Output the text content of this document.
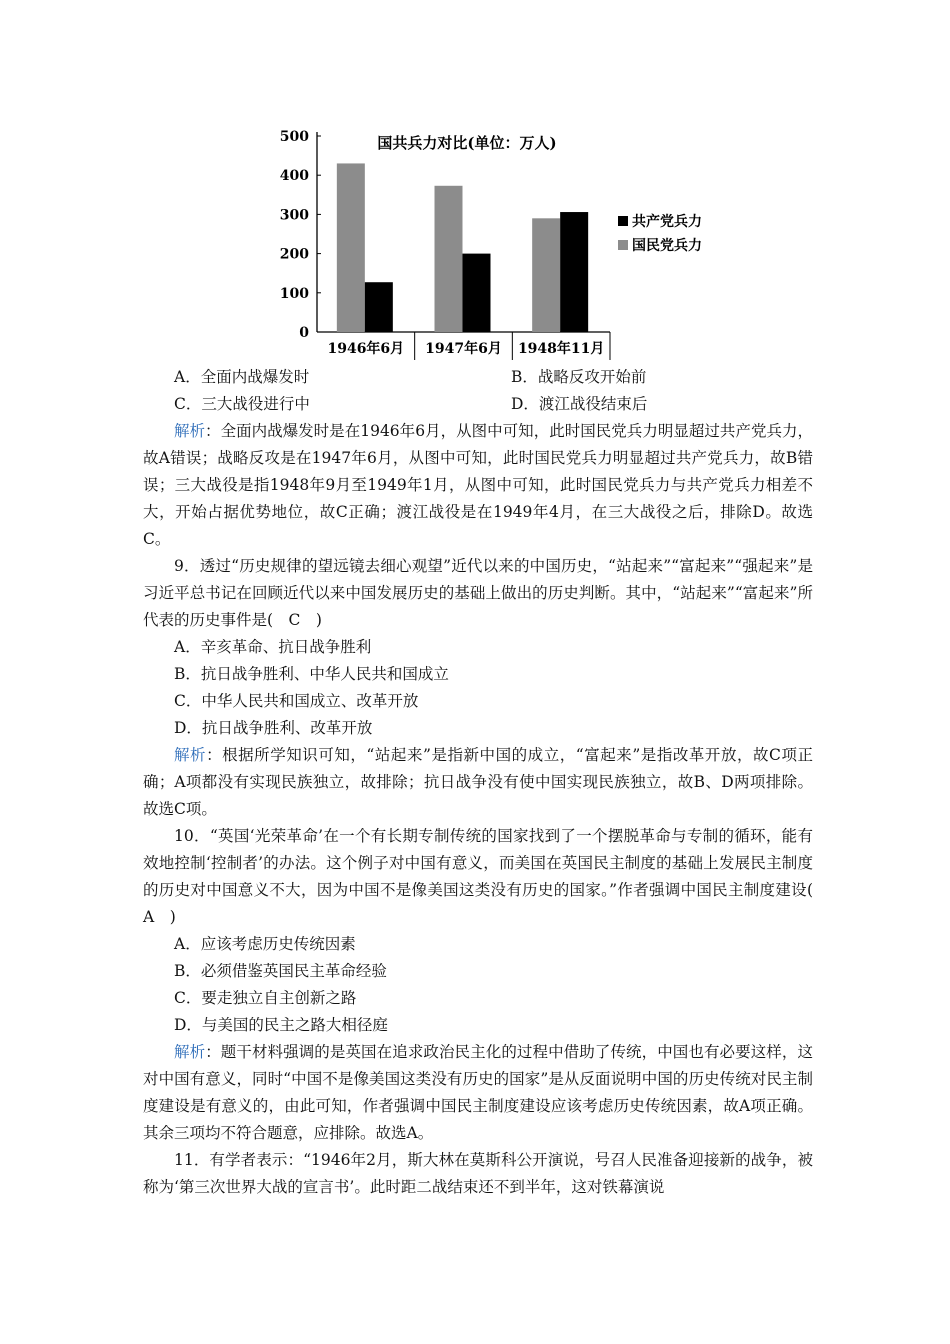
0
100
200
300
400
500
1946年6月 1947年6月 1948年11月
国共兵力对比(单位：万人)
共产党兵力
国民党兵力
A．全面内战爆发时	B．战略反攻开始前
C．三大战役进行中	D．渡江战役结束后

解析：全面内战爆发时是在1946年6月，从图中可知，此时国民党兵力明显超过共产党兵力，故A错误；战略反攻是在1947年6月，从图中可知，此时国民党兵力明显超过共产党兵力，故B错误；三大战役是指1948年9月至1949年1月，从图中可知，此时国民党兵力与共产党兵力相差不大，开始占据优势地位，故C正确；渡江战役是在1949年4月，在三大战役之后，排除D。故选C。

9．透过“历史规律的望远镜去细心观望”近代以来的中国历史，“站起来”“富起来”“强起来”是习近平总书记在回顾近代以来中国发展历史的基础上做出的历史判断。其中，“站起来”“富起来”所代表的历史事件是(　C　)

A．辛亥革命、抗日战争胜利

B．抗日战争胜利、中华人民共和国成立

C．中华人民共和国成立、改革开放

D．抗日战争胜利、改革开放

解析：根据所学知识可知，“站起来”是指新中国的成立，“富起来”是指改革开放，故C项正确；A项都没有实现民族独立，故排除；抗日战争没有使中国实现民族独立，故B、D两项排除。故选C项。

10．“英国‘光荣革命’在一个有长期专制传统的国家找到了一个摆脱革命与专制的循环，能有效地控制‘控制者’的办法。这个例子对中国有意义，而美国在英国民主制度的基础上发展民主制度的历史对中国意义不大，因为中国不是像美国这类没有历史的国家。”作者强调中国民主制度建设(　A　)

A．应该考虑历史传统因素

B．必须借鉴英国民主革命经验

C．要走独立自主创新之路

D．与美国的民主之路大相径庭

解析：题干材料强调的是英国在追求政治民主化的过程中借助了传统，中国也有必要这样，这对中国有意义，同时“中国不是像美国这类没有历史的国家”是从反面说明中国的历史传统对民主制度建设是有意义的，由此可知，作者强调中国民主制度建设应该考虑历史传统因素，故A项正确。其余三项均不符合题意，应排除。故选A。

11．有学者表示：“1946年2月，斯大林在莫斯科公开演说，号召人民准备迎接新的战争，被称为‘第三次世界大战的宣言书’。此时距二战结束还不到半年，这对铁幕演说
